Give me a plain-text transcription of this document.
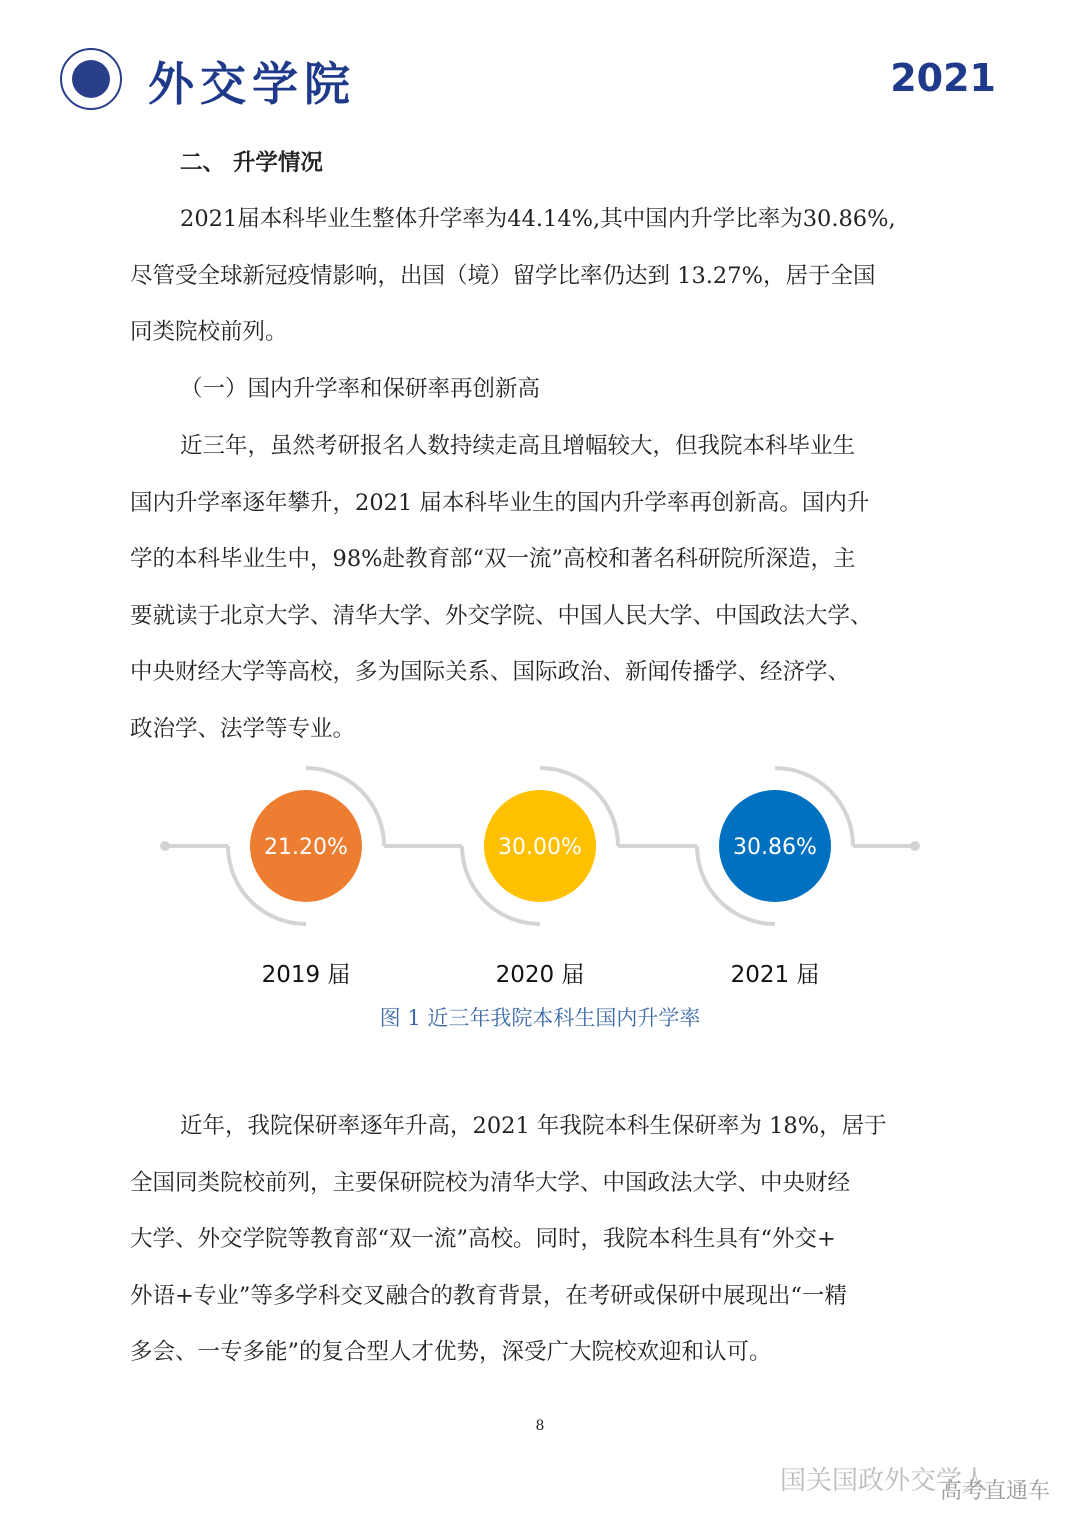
外交学院	2021
二、 升学情况
2021届本科毕业生整体升学率为44.14%,其中国内升学比率为30.86%,
尽管受全球新冠疫情影响，出国（境）留学比率仍达到 13.27%，居于全国
同类院校前列。
（一）国内升学率和保研率再创新高
近三年，虽然考研报名人数持续走高且增幅较大，但我院本科毕业生
国内升学率逐年攀升，2021 届本科毕业生的国内升学率再创新高。国内升
学的本科毕业生中，98%赴教育部“双一流”高校和著名科研院所深造，主
要就读于北京大学、清华大学、外交学院、中国人民大学、中国政法大学、
中央财经大学等高校，多为国际关系、国际政治、新闻传播学、经济学、
政治学、法学等专业。
21.20%
2019 届
30.00%
2020 届
30.86%
2021 届
图 1 近三年我院本科生国内升学率
近年，我院保研率逐年升高，2021 年我院本科生保研率为 18%，居于
全国同类院校前列，主要保研院校为清华大学、中国政法大学、中央财经
大学、外交学院等教育部“双一流”高校。同时，我院本科生具有“外交+
外语+专业”等多学科交叉融合的教育背景，在考研或保研中展现出“一精
多会、一专多能”的复合型人才优势，深受广大院校欢迎和认可。
8
国关国政外交学人
高考直通车
